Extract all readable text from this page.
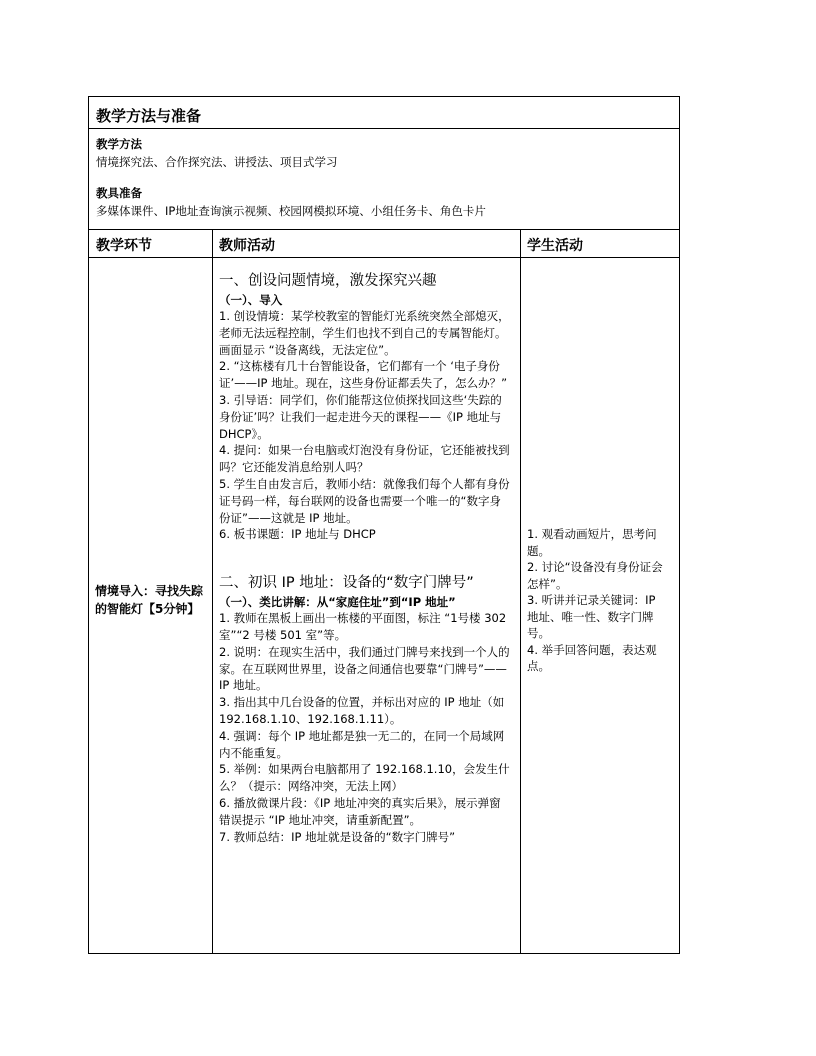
教学方法与准备
教学方法
情境探究法、合作探究法、讲授法、项目式学习
教具准备
多媒体课件、IP地址查询演示视频、校园网模拟环境、小组任务卡、角色卡片
教学环节	教师活动	学生活动
情境导入：寻找失踪的智能灯【5分钟】
一、创设问题情境，激发探究兴趣
（一）、导入
1. 创设情境：某学校教室的智能灯光系统突然全部熄灭，老师无法远程控制，学生们也找不到自己的专属智能灯。画面显示 “设备离线，无法定位”。
2. “这栋楼有几十台智能设备，它们都有一个 ‘电子身份证’——IP 地址。现在，这些身份证都丢失了，怎么办？”
3. 引导语：同学们，你们能帮这位侦探找回这些‘失踪的身份证’吗？让我们一起走进今天的课程——《IP 地址与 DHCP》。
4. 提问：如果一台电脑或灯泡没有身份证，它还能被找到吗？它还能发消息给别人吗？
5. 学生自由发言后，教师小结：就像我们每个人都有身份证号码一样，每台联网的设备也需要一个唯一的“数字身份证”——这就是 IP 地址。
6. 板书课题：IP 地址与 DHCP
二、初识 IP 地址：设备的“数字门牌号”
（一）、类比讲解：从“家庭住址”到“IP 地址”
1. 教师在黑板上画出一栋楼的平面图，标注 “1号楼 302 室”“2 号楼 501 室”等。
2. 说明：在现实生活中，我们通过门牌号来找到一个人的家。在互联网世界里，设备之间通信也要靠“门牌号”——IP 地址。
3. 指出其中几台设备的位置，并标出对应的 IP 地址（如 192.168.1.10、192.168.1.11）。
4. 强调：每个 IP 地址都是独一无二的，在同一个局域网内不能重复。
5. 举例：如果两台电脑都用了 192.168.1.10，会发生什么？（提示：网络冲突，无法上网）
6. 播放微课片段：《IP 地址冲突的真实后果》，展示弹窗错误提示 “IP 地址冲突，请重新配置”。
7. 教师总结：IP 地址就是设备的“数字门牌号”
1. 观看动画短片，思考问题。
2. 讨论“设备没有身份证会怎样”。
3. 听讲并记录关键词：IP 地址、唯一性、数字门牌号。
4. 举手回答问题，表达观点。
